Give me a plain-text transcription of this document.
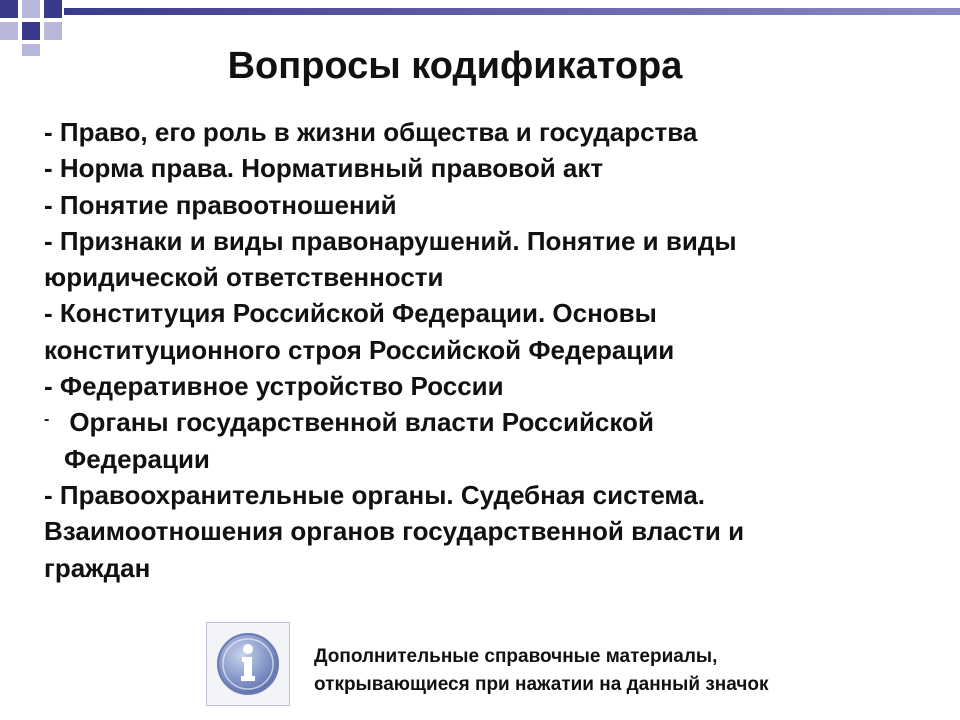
Вопросы кодификатора
- Право, его роль в жизни общества и государства
- Норма права. Нормативный правовой акт
- Понятие правоотношений
- Признаки и виды правонарушений. Понятие и виды
юридической ответственности
- Конституция Российской Федерации. Основы
конституционного строя Российской Федерации
- Федеративное устройство России
- Органы государственной власти Российской
Федерации
- Правоохранительные органы. Судебная система.
Взаимоотношения органов государственной власти и
граждан
Дополнительные справочные материалы,
открывающиеся при нажатии на данный значок
